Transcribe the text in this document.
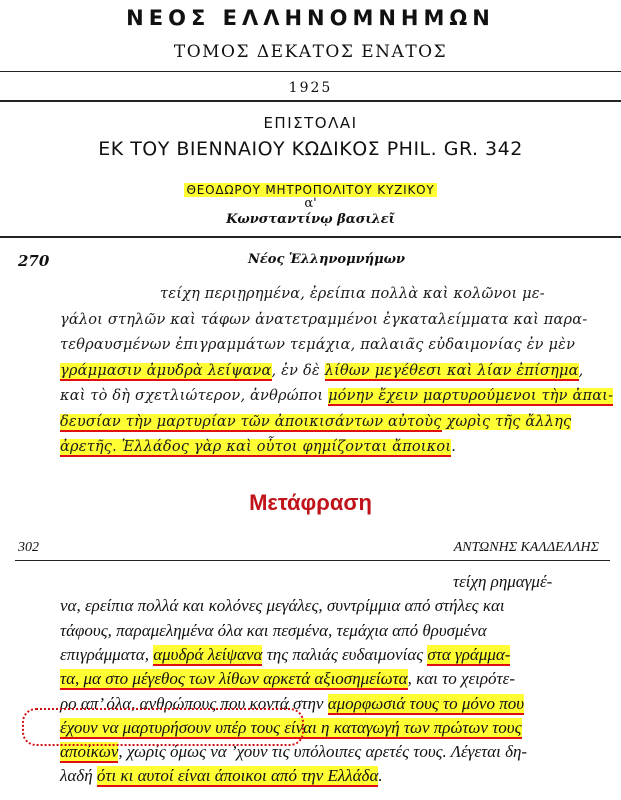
ΝΕΟΣ ΕΛΛΗΝΟΜΝΗΜΩΝ
ΤΟΜΟΣ ΔΕΚΑΤΟΣ ΕΝΑΤΟΣ
1925
ΕΠΙΣΤΟΛΑΙ
ΕΚ ΤΟΥ ΒΙΕΝΝΑΙΟΥ ΚΩΔΙΚΟΣ PHIL. GR. 342
ΘΕΟΔΩΡΟΥ ΜΗΤΡΟΠΟΛΙΤΟΥ ΚΥΖΙΚΟΥ
α'
Κωνσταντίνῳ βασιλεῖ
270	Νέος Ἑλληνομνήμων
τείχη περιῃρημένα, ἐρείπια πολλὰ καὶ κολῶνοι με-
γάλοι στηλῶν καὶ τάφων ἀνατετραμμένοι ἐγκαταλείμματα καὶ παρα-
τεθραυσμένων ἐπιγραμμάτων τεμάχια, παλαιᾶς εὐδαιμονίας ἐν μὲν
γράμμασιν ἀμυδρὰ λείψανα, ἐν δὲ λίθων μεγέθεσι καὶ λίαν ἐπίσημα,
καὶ τὸ δὴ σχετλιώτερον, ἀνθρώποι μόνην ἔχειν μαρτυρούμενοι τὴν ἀπαι-
δευσίαν τὴν μαρτυρίαν τῶν ἀποικισάντων αὐτοὺς χωρὶς τῆς ἄλλης
ἀρετῆς. Ἑλλάδος γὰρ καὶ οὗτοι φημίζονται ἄποικοι.
Μετάφραση
302	ΑΝΤΩΝΗΣ ΚΑΛΔΕΛΛΗΣ
τείχη ρημαγμέ-
να, ερείπια πολλά και κολόνες μεγάλες, συντρίμμια από στήλες και
τάφους, παραμελημένα όλα και πεσμένα, τεμάχια από θρυσμένα
επιγράμματα, αμυδρά λείψανα της παλιάς ευδαιμονίας στα γράμμα-
τα, μα στο μέγεθος των λίθων αρκετά αξιοσημείωτα, και το χειρότε-
ρο απ’ όλα, ανθρώπους που κοντά στην αμορφωσιά τους το μόνο που
έχουν να μαρτυρήσουν υπέρ τους είναι η καταγωγή των πρώτων τους
αποίκων, χωρίς όμως να ’χουν τις υπόλοιπες αρετές τους. Λέγεται δη-
λαδή ότι κι αυτοί είναι άποικοι από την Ελλάδα.
